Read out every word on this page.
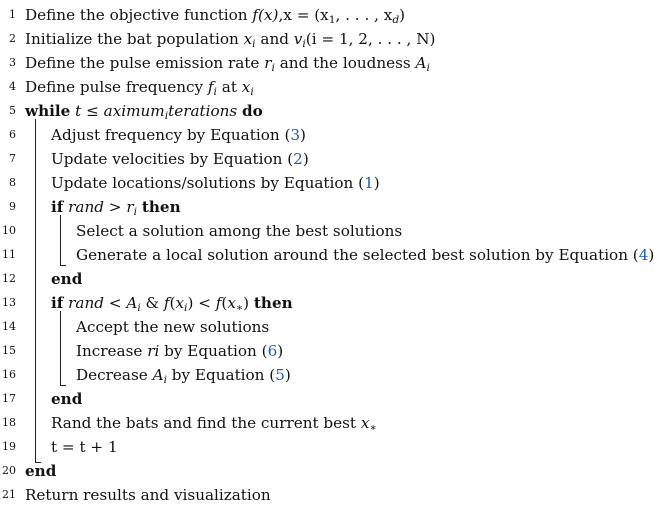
1 Define the objective function $f(x),x = (x_1$, . . . , $x_d$)
2 Initialize the bat population $x_i$ and $v_i(i = 1$, 2, . . . , N)
3 Define the pulse emission rate $r_i$ and the loudness $A_i$
4 Define pulse frequency $f_i$ at $x_i$
5 while t ≤ aximum$_i$terations do
6 Adjust frequency by Equation (3)
7 Update velocities by Equation (2)
8 Update locations/solutions by Equation (1)
9 if rand > $r_i$ then
10	Select a solution among the best solutions
11	Generate a local solution around the selected best solution by Equation (4)
12 end
13 if rand < $A_i$ & $f(x_i) < f(x_∗)$ then
14	Accept the new solutions
15	Increase ri by Equation (6)
16	Decrease $A_i$ by Equation (5)
17 end
18 Rand the bats and find the current best $x_∗$
19 t = t + 1
20 end
21 Return results and visualization
